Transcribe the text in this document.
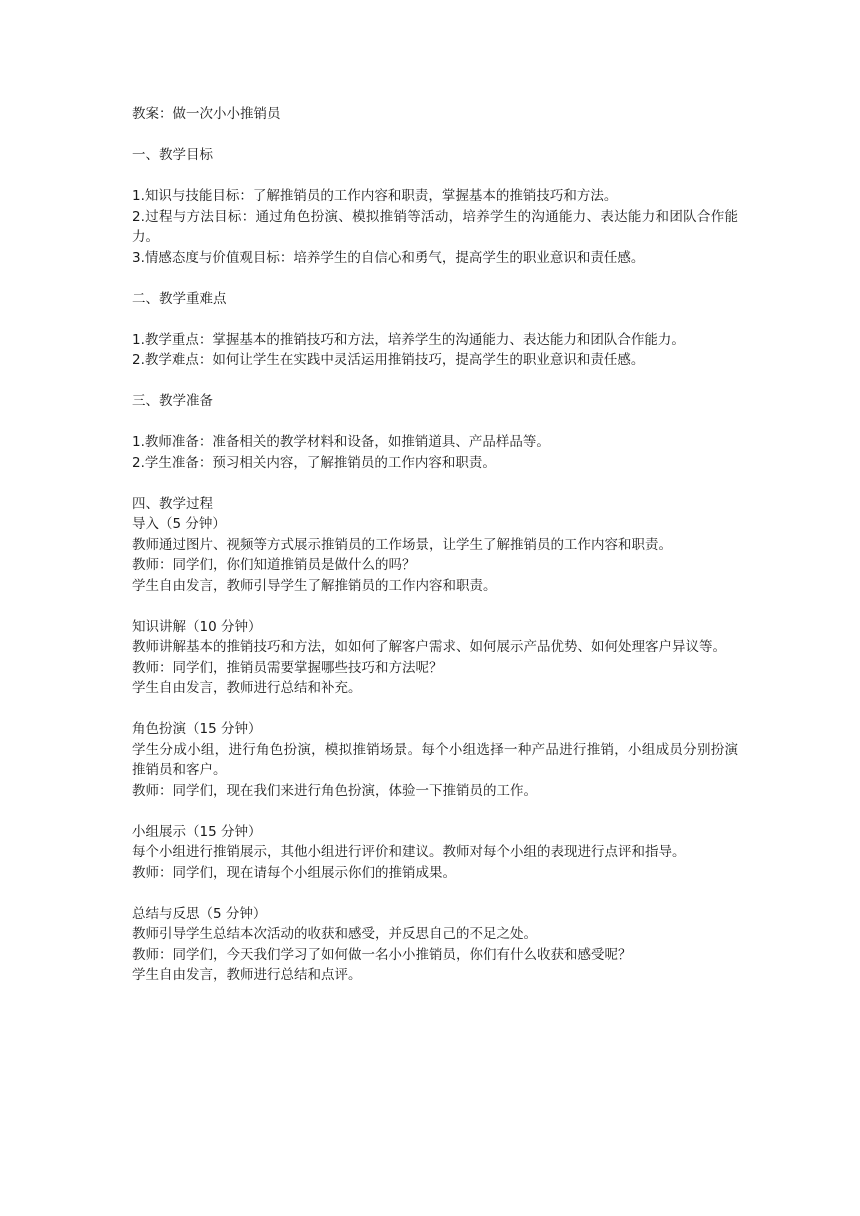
教案：做一次小小推销员

一、教学目标

1.知识与技能目标：了解推销员的工作内容和职责，掌握基本的推销技巧和方法。

2.过程与方法目标：通过角色扮演、模拟推销等活动，培养学生的沟通能力、表达能力和团队合作能力。

3.情感态度与价值观目标：培养学生的自信心和勇气，提高学生的职业意识和责任感。

二、教学重难点

1.教学重点：掌握基本的推销技巧和方法，培养学生的沟通能力、表达能力和团队合作能力。

2.教学难点：如何让学生在实践中灵活运用推销技巧，提高学生的职业意识和责任感。

三、教学准备

1.教师准备：准备相关的教学材料和设备，如推销道具、产品样品等。

2.学生准备：预习相关内容，了解推销员的工作内容和职责。

四、教学过程

导入（5 分钟）

教师通过图片、视频等方式展示推销员的工作场景，让学生了解推销员的工作内容和职责。

教师：同学们，你们知道推销员是做什么的吗？

学生自由发言，教师引导学生了解推销员的工作内容和职责。

知识讲解（10 分钟）

教师讲解基本的推销技巧和方法，如如何了解客户需求、如何展示产品优势、如何处理客户异议等。

教师：同学们，推销员需要掌握哪些技巧和方法呢？

学生自由发言，教师进行总结和补充。

角色扮演（15 分钟）

学生分成小组，进行角色扮演，模拟推销场景。每个小组选择一种产品进行推销，小组成员分别扮演推销员和客户。

教师：同学们，现在我们来进行角色扮演，体验一下推销员的工作。

小组展示（15 分钟）

每个小组进行推销展示，其他小组进行评价和建议。教师对每个小组的表现进行点评和指导。

教师：同学们，现在请每个小组展示你们的推销成果。

总结与反思（5 分钟）

教师引导学生总结本次活动的收获和感受，并反思自己的不足之处。

教师：同学们，今天我们学习了如何做一名小小推销员，你们有什么收获和感受呢？

学生自由发言，教师进行总结和点评。
